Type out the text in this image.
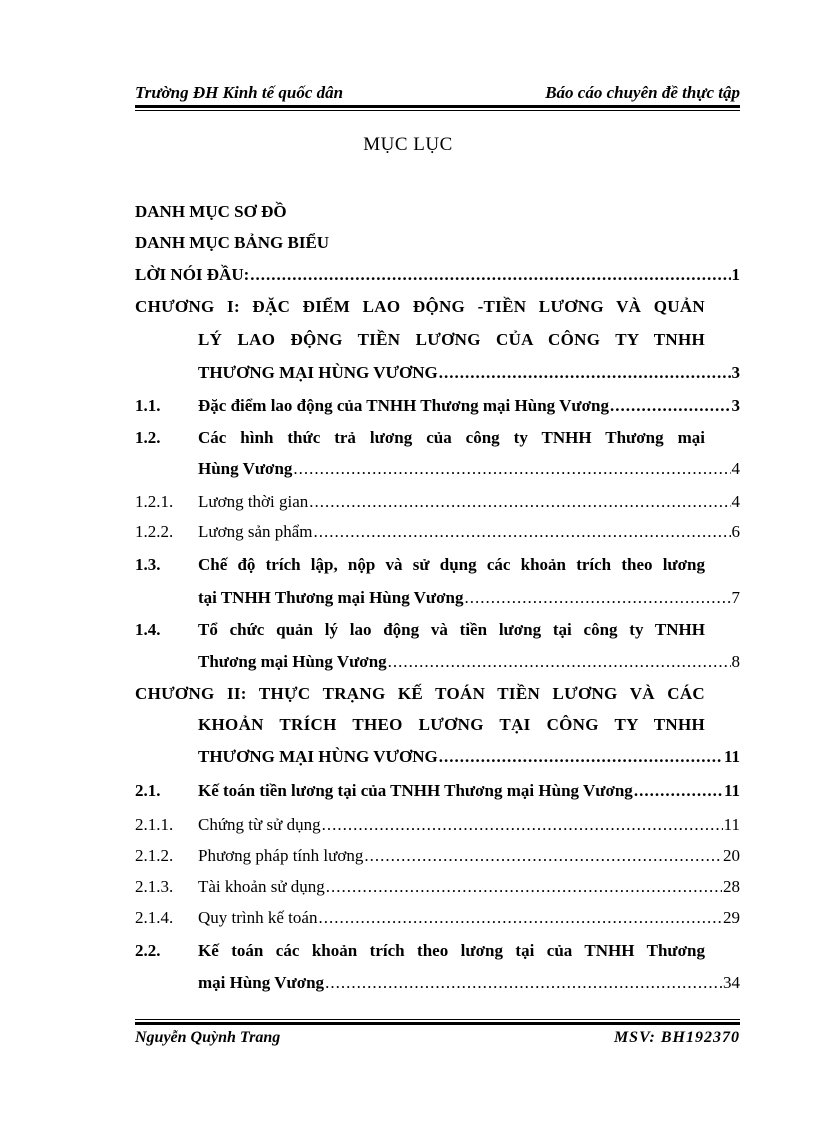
Trường ĐH Kinh tế quốc dân	Báo cáo chuyên đề thực tập
MỤC LỤC
DANH MỤC SƠ ĐỒ
DANH MỤC BẢNG BIỂU
LỜI NÓI ĐẦU: .....	1
CHƯƠNG I: ĐẶC ĐIỂM LAO ĐỘNG -TIỀN LƯƠNG VÀ QUẢN
LÝ LAO ĐỘNG TIỀN LƯƠNG CỦA CÔNG TY TNHH
THƯƠNG MẠI HÙNG VƯƠNG .....	3
1.1. Đặc điểm lao động của TNHH Thương mại Hùng Vương .....	3
1.2. Các hình thức trả lương của công ty TNHH Thương mại
Hùng Vương .....	4
1.2.1. Lương thời gian .....	4
1.2.2. Lương sản phẩm .....	6
1.3. Chế độ trích lập, nộp và sử dụng các khoản trích theo lương
tại TNHH Thương mại Hùng Vương .....	7
1.4. Tổ chức quản lý lao động và tiền lương tại công ty TNHH
Thương mại Hùng Vương .....	8
CHƯƠNG II: THỰC TRẠNG KẾ TOÁN TIỀN LƯƠNG VÀ CÁC
KHOẢN TRÍCH THEO LƯƠNG TẠI CÔNG TY TNHH
THƯƠNG MẠI HÙNG VƯƠNG .....	11
2.1. Kế toán tiền lương tại của TNHH Thương mại Hùng Vương .....	11
2.1.1. Chứng từ sử dụng .....	11
2.1.2. Phương pháp tính lương .....	20
2.1.3. Tài khoản sử dụng .....	28
2.1.4. Quy trình kế toán .....	29
2.2. Kế toán các khoản trích theo lương tại của TNHH Thương
mại Hùng Vương .....	34
Nguyễn Quỳnh Trang	MSV: BH192370
